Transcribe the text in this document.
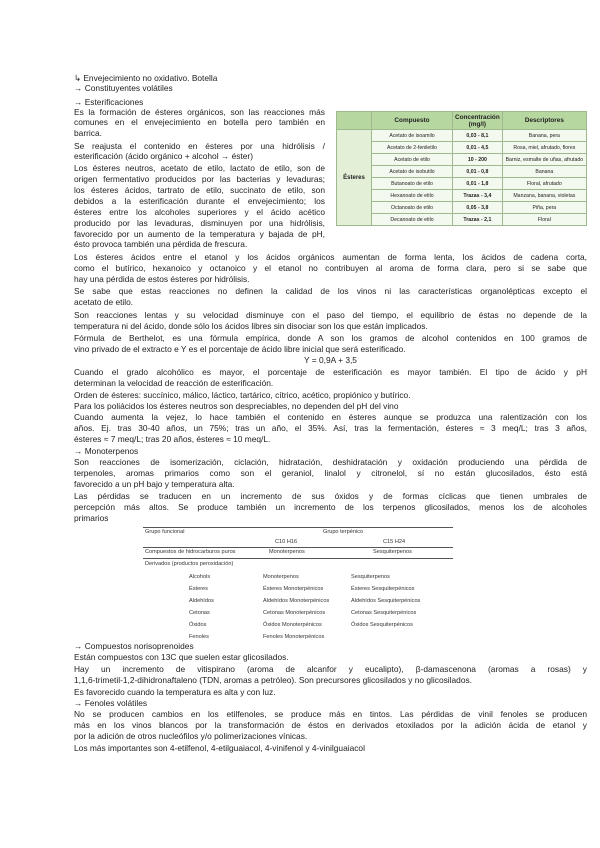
↳ Envejecimiento no oxidativo. Botella
→ Constituyentes volátiles
→ Esterificaciones
Es la formación de ésteres orgánicos, son las reacciones más
comunes en el envejecimiento en botella pero también en
barrica.
Se reajusta el contenido en ésteres por una hidrólisis /
esterificación (ácido orgánico + alcohol → éster)
Los ésteres neutros, acetato de etilo, lactato de etilo, son de
origen fermentativo producidos por las bacterias y levaduras;
los ésteres ácidos, tartrato de etilo, succinato de etilo, son
debidos a la esterificación durante el envejecimiento; los
ésteres entre los alcoholes superiores y el ácido acético
producido por las levaduras, disminuyen por una hidrólisis,
favorecido por un aumento de la temperatura y bajada de pH,
ésto provoca también una pérdida de frescura.
	Compuesto	Concentración (mg/l)	Descriptores
Ésteres	Acetato de isoamilo	0,03 - 8,1	Banana, pera
	Acetato de 2-feniletilo	0,01 - 4,5	Rosa, miel, afrutado, flores
	Acetato de etilo	10 - 200	Barniz, esmalte de uñas, afrutado
	Acetato de isobutilo	0,01 - 0,8	Banana
	Butanoato de etilo	0,01 - 1,8	Floral, afrutado
	Hexanoato de etilo	Trazas - 3,4	Manzana, banana, violetas
	Octanoato de etilo	0,05 - 3,8	Piña, pera
	Decanoato de etilo	Trazas - 2,1	Floral
Los ésteres ácidos entre el etanol y los ácidos orgánicos aumentan de forma lenta, los ácidos de cadena corta,
como el butírico, hexanoico y octanoico y el etanol no contribuyen al aroma de forma clara, pero si se sabe que
hay una pérdida de estos ésteres por hidrólisis.
Se sabe que estas reacciones no definen la calidad de los vinos ni las características organolépticas excepto el
acetato de etilo.
Son reacciones lentas y su velocidad disminuye con el paso del tiempo, el equilibrio de éstas no depende de la
temperatura ni del ácido, donde sólo los ácidos libres sin disociar son los que están implicados.
Fórmula de Berthelot, es una fórmula empírica, donde A son los gramos de alcohol contenidos en 100 gramos de
vino privado de el extracto e Y es el porcentaje de ácido libre inicial que será esterificado.
Y = 0,9A + 3,5
Cuando el grado alcohólico es mayor, el porcentaje de esterificación es mayor también. El tipo de ácido y pH
determinan la velocidad de reacción de esterificación.
Orden de ésteres: succínico, málico, láctico, tartárico, cítrico, acético, propiónico y butírico.
Para los poliácidos los ésteres neutros son despreciables, no dependen del pH del vino
Cuando aumenta la vejez, lo hace también el contenido en ésteres aunque se produzca una ralentización con los
años. Ej. tras 30-40 años, un 75%; tras un año, el 35%. Así, tras la fermentación, ésteres ≈ 3 meq/L; tras 3 años,
ésteres ≈ 7 meq/L; tras 20 años, ésteres ≈ 10 meq/L.
→ Monoterpenos
Son reacciones de isomerización, ciclación, hidratación, deshidratación y oxidación produciendo una pérdida de
terpenoles, aromas primarios como son el geraniol, linalol y citronelol, sí no están glucosilados, ésto está
favorecido a un pH bajo y temperatura alta.
Las pérdidas se traducen en un incremento de sus óxidos y de formas cíclicas que tienen umbrales de
percepción más altos. Se produce también un incremento de los terpenos glicosilados, menos los de alcoholes
primarios
Grupo funcional	Grupo terpénico
C10 H16	C15 H24
Compuestos de hidrocarburos puros	Monoterpenos	Sesquiterpenos
Derivados (productos peroxidación)
Alcohols	Monoterpenos	Sesquiterpenos
Ésteres	Ésteres Monoterpénicos	Ésteres Sesquiterpénicos
Aldehídos	Aldehídos Monoterpénicos	Aldehídos Sesquiterpénicos
Cetonas	Cetonas Monoterpénicos	Cetonas Sesquiterpénicos
Óxidos	Óxidos Monoterpénicos	Óxidos Sesquiterpénicos
Fenoles	Fenoles Monoterpénicos
→ Compuestos norisoprenoides
Están compuestos con 13C que suelen estar glicosilados.
Hay un incremento de vitispirano (aroma de alcanfor y eucalipto), β-damascenona (aromas a rosas) y
1,1,6-trimetil-1,2-dihidronaftaleno (TDN, aromas a petróleo). Son precursores glicosilados y no glicosilados.
Es favorecido cuando la temperatura es alta y con luz.
→ Fenoles volátiles
No se producen cambios en los etilfenoles, se produce más en tintos. Las pérdidas de vinil fenoles se producen
más en los vinos blancos por la transformación de éstos en derivados etoxilados por la adición ácida de etanol y
por la adición de otros nucleófilos y/o polimerizaciones vínicas.
Los más importantes son 4-etilfenol, 4-etilguaiacol, 4-vinifenol y 4-vinilguaiacol
